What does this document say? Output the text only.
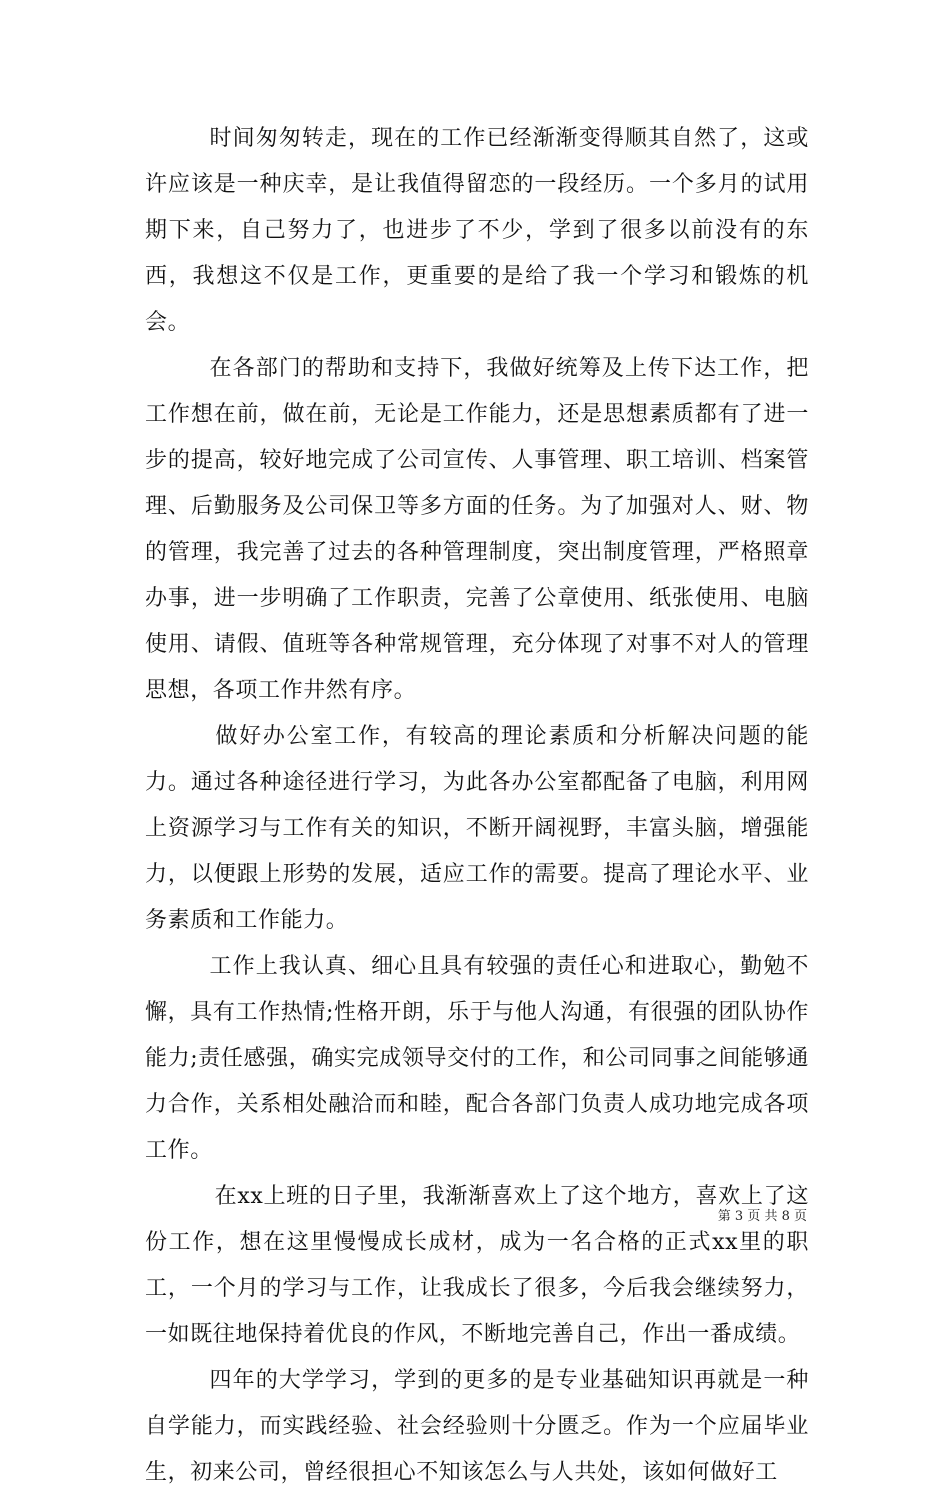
时间匆匆转走，现在的工作已经渐渐变得顺其自然了，这或许应该是一种庆幸，是让我值得留恋的一段经历。一个多月的试用期下来，自己努力了，也进步了不少，学到了很多以前没有的东西，我想这不仅是工作，更重要的是给了我一个学习和锻炼的机会。

在各部门的帮助和支持下，我做好统筹及上传下达工作，把工作想在前，做在前，无论是工作能力，还是思想素质都有了进一步的提高，较好地完成了公司宣传、人事管理、职工培训、档案管理、后勤服务及公司保卫等多方面的任务。为了加强对人、财、物的管理，我完善了过去的各种管理制度，突出制度管理，严格照章办事，进一步明确了工作职责，完善了公章使用、纸张使用、电脑使用、请假、值班等各种常规管理，充分体现了对事不对人的管理思想，各项工作井然有序。

做好办公室工作，有较高的理论素质和分析解决问题的能力。通过各种途径进行学习，为此各办公室都配备了电脑，利用网上资源学习与工作有关的知识，不断开阔视野，丰富头脑，增强能力，以便跟上形势的发展，适应工作的需要。提高了理论水平、业务素质和工作能力。

工作上我认真、细心且具有较强的责任心和进取心，勤勉不懈，具有工作热情;性格开朗，乐于与他人沟通，有很强的团队协作能力;责任感强，确实完成领导交付的工作，和公司同事之间能够通力合作，关系相处融洽而和睦，配合各部门负责人成功地完成各项工作。

在xx上班的日子里，我渐渐喜欢上了这个地方，喜欢上了这份工作，想在这里慢慢成长成材，成为一名合格的正式xx里的职工，一个月的学习与工作，让我成长了很多，今后我会继续努力，一如既往地保持着优良的作风，不断地完善自己，作出一番成绩。

四年的大学学习，学到的更多的是专业基础知识再就是一种自学能力，而实践经验、社会经验则十分匮乏。作为一个应届毕业生，初来公司，曾经很担心不知该怎么与人共处，该如何做好工

第 3 页 共 8 页
